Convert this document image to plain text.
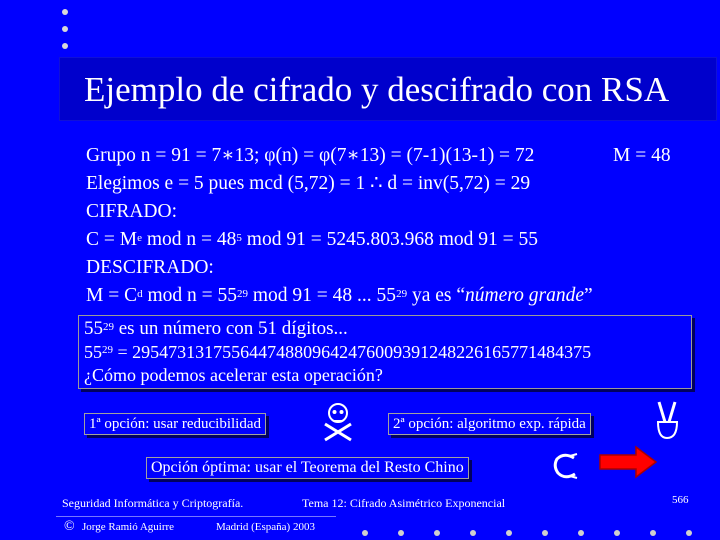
Ejemplo de cifrado y descifrado con RSA
Grupo n = 91 = 7∗13; φ(n) = φ(7∗13) = (7-1)(13-1) = 72	M = 48
Elegimos e = 5 pues mcd (5,72) = 1 ∴ d = inv(5,72) = 29
CIFRADO:
$C = M^e$ mod $n = 48^5$ mod 91 = 5245.803.968 mod 91 = 55
DESCIFRADO:
$M = C^d$ mod $n = 55^{29}$ mod 91 = 48 ... $55^{29}$ ya es “número grande”
$55^{29}$ es un número con 51 dígitos...
$55^{29} = 295473131755644748809642476009391248226165771484375$
¿Cómo podemos acelerar esta operación?
1ª opción: usar reducibilidad	2ª opción: algoritmo exp. rápida
Opción óptima: usar el Teorema del Resto Chino
Seguridad Informática y Criptografía.	Tema 12: Cifrado Asimétrico Exponencial	566
© Jorge Ramió Aguirre	Madrid (España) 2003
